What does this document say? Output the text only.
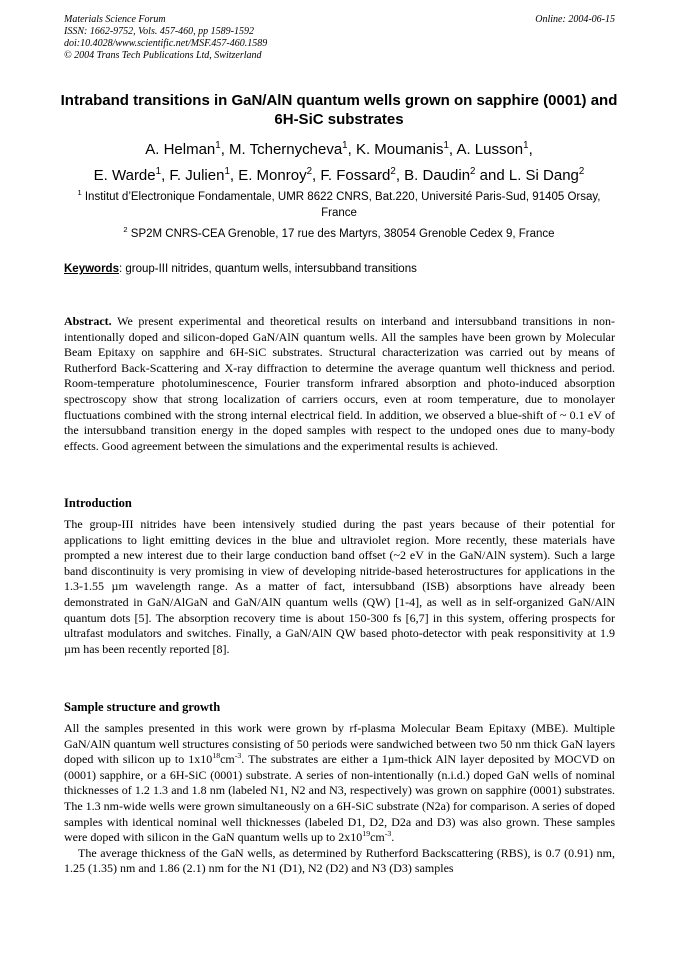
Materials Science Forum
ISSN: 1662-9752, Vols. 457-460, pp 1589-1592
doi:10.4028/www.scientific.net/MSF.457-460.1589
© 2004 Trans Tech Publications Ltd, Switzerland
Online: 2004-06-15
Intraband transitions in GaN/AlN quantum wells grown on sapphire (0001) and 6H-SiC substrates
A. Helman$^1$, M. Tchernycheva$^1$, K. Moumanis$^1$, A. Lusson$^1$,
E. Warde$^1$, F. Julien$^1$, E. Monroy$^2$, F. Fossard$^2$, B. Daudin$^2$ and L. Si Dang$^2$
$^1$ Institut d’Electronique Fondamentale, UMR 8622 CNRS, Bat.220, Université Paris-Sud, 91405 Orsay, France
$^2$ SP2M CNRS-CEA Grenoble, 17 rue des Martyrs, 38054 Grenoble Cedex 9, France
Keywords: group-III nitrides, quantum wells, intersubband transitions
Abstract. We present experimental and theoretical results on interband and intersubband transitions in non-intentionally doped and silicon-doped GaN/AlN quantum wells. All the samples have been grown by Molecular Beam Epitaxy on sapphire and 6H-SiC substrates. Structural characterization was carried out by means of Rutherford Back-Scattering and X-ray diffraction to determine the average quantum well thickness and period. Room-temperature photoluminescence, Fourier transform infrared absorption and photo-induced absorption spectroscopy show that strong localization of carriers occurs, even at room temperature, due to monolayer fluctuations combined with the strong internal electrical field. In addition, we observed a blue-shift of ~ 0.1 eV of the intersubband transition energy in the doped samples with respect to the undoped ones due to many-body effects. Good agreement between the simulations and the experimental results is achieved.
Introduction
The group-III nitrides have been intensively studied during the past years because of their potential for applications to light emitting devices in the blue and ultraviolet region. More recently, these materials have prompted a new interest due to their large conduction band offset (~2 eV in the GaN/AlN system). Such a large band discontinuity is very promising in view of developing nitride-based heterostructures for applications in the 1.3-1.55 µm wavelength range. As a matter of fact, intersubband (ISB) absorptions have already been demonstrated in GaN/AlGaN and GaN/AlN quantum wells (QW) [1-4], as well as in self-organized GaN/AlN quantum dots [5]. The absorption recovery time is about 150-300 fs [6,7] in this system, offering prospects for ultrafast modulators and switches. Finally, a GaN/AlN QW based photo-detector with peak responsitivity at 1.9 µm has been recently reported [8].
Sample structure and growth

All the samples presented in this work were grown by rf-plasma Molecular Beam Epitaxy (MBE). Multiple GaN/AlN quantum well structures consisting of 50 periods were sandwiched between two 50 nm thick GaN layers doped with silicon up to $1x10^{18}cm^{-3}$. The substrates are either a 1µm-thick AlN layer deposited by MOCVD on (0001) sapphire, or a 6H-SiC (0001) substrate. A series of non-intentionally (n.i.d.) doped GaN wells of nominal thicknesses of 1.2 1.3 and 1.8 nm (labeled N1, N2 and N3, respectively) was grown on sapphire (0001) substrates. The 1.3 nm-wide wells were grown simultaneously on a 6H-SiC substrate (N2a) for comparison. A series of doped samples with identical nominal well thicknesses (labeled D1, D2, D2a and D3) was also grown. These samples were doped with silicon in the GaN quantum wells up to $2x10^{19}cm^{-3}$.

The average thickness of the GaN wells, as determined by Rutherford Backscattering (RBS), is 0.7 (0.91) nm, 1.25 (1.35) nm and 1.86 (2.1) nm for the N1 (D1), N2 (D2) and N3 (D3) samples
